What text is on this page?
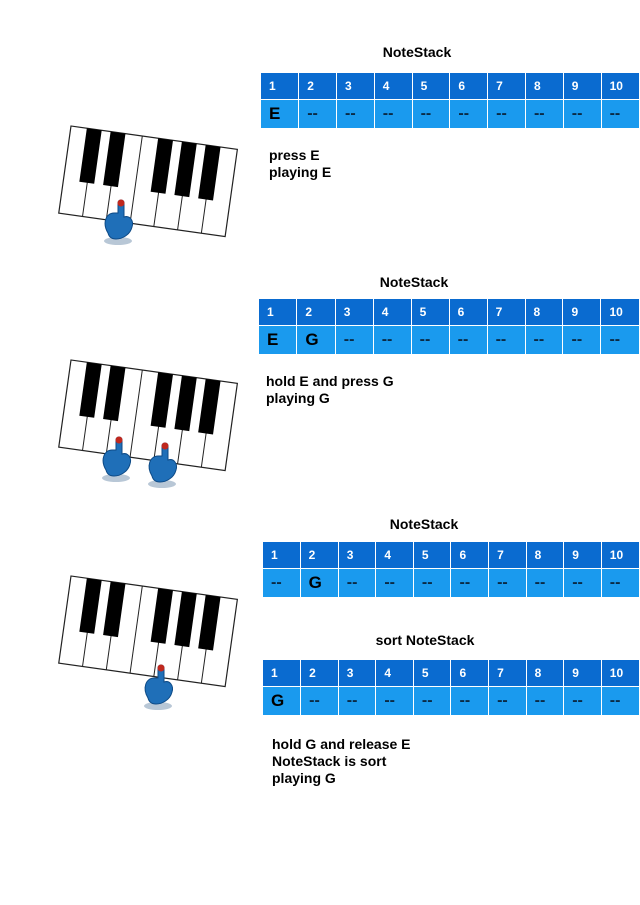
NoteStack
1	2	3	4	5	6	7	8	9	10
E	--	--	--	--	--	--	--	--	--
press E
playing E
NoteStack
1	2	3	4	5	6	7	8	9	10
E	G	--	--	--	--	--	--	--	--
hold E and press G
playing G
NoteStack
1	2	3	4	5	6	7	8	9	10
--	G	--	--	--	--	--	--	--	--
sort NoteStack
1	2	3	4	5	6	7	8	9	10
G	--	--	--	--	--	--	--	--	--
hold G and release E
NoteStack is sort
playing G
